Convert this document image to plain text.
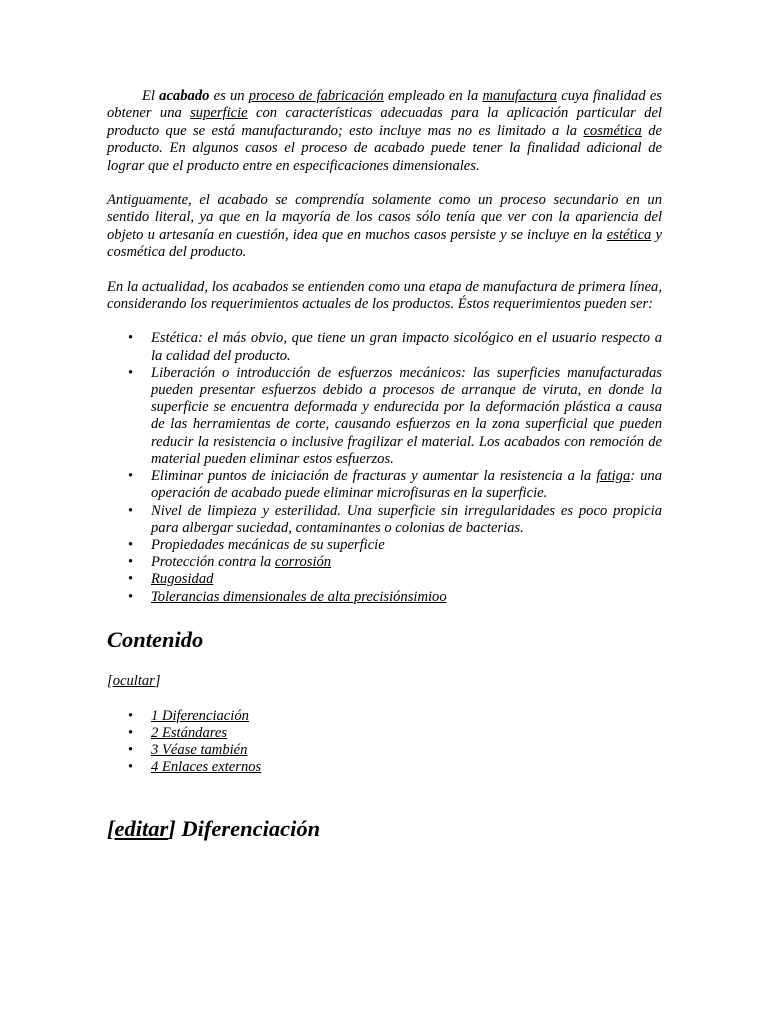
El acabado es un proceso de fabricación empleado en la manufactura cuya finalidad es obtener una superficie con características adecuadas para la aplicación particular del producto que se está manufacturando; esto incluye mas no es limitado a la cosmética de producto. En algunos casos el proceso de acabado puede tener la finalidad adicional de lograr que el producto entre en especificaciones dimensionales.

Antiguamente, el acabado se comprendía solamente como un proceso secundario en un sentido literal, ya que en la mayoría de los casos sólo tenía que ver con la apariencia del objeto u artesanía en cuestión, idea que en muchos casos persiste y se incluye en la estética y cosmética del producto.

En la actualidad, los acabados se entienden como una etapa de manufactura de primera línea, considerando los requerimientos actuales de los productos. Éstos requerimientos pueden ser:

• Estética: el más obvio, que tiene un gran impacto sicológico en el usuario respecto a la calidad del producto.
• Liberación o introducción de esfuerzos mecánicos: las superficies manufacturadas pueden presentar esfuerzos debido a procesos de arranque de viruta, en donde la superficie se encuentra deformada y endurecida por la deformación plástica a causa de las herramientas de corte, causando esfuerzos en la zona superficial que pueden reducir la resistencia o inclusive fragilizar el material. Los acabados con remoción de material pueden eliminar estos esfuerzos.
• Eliminar puntos de iniciación de fracturas y aumentar la resistencia a la fatiga: una operación de acabado puede eliminar microfisuras en la superficie.
• Nivel de limpieza y esterilidad. Una superficie sin irregularidades es poco propicia para albergar suciedad, contaminantes o colonias de bacterias.
• Propiedades mecánicas de su superficie
• Protección contra la corrosión
• Rugosidad
• Tolerancias dimensionales de alta precisiónsimioo
Contenido
[ocultar]
• 1 Diferenciación
• 2 Estándares
• 3 Véase también
• 4 Enlaces externos
[editar] Diferenciación
